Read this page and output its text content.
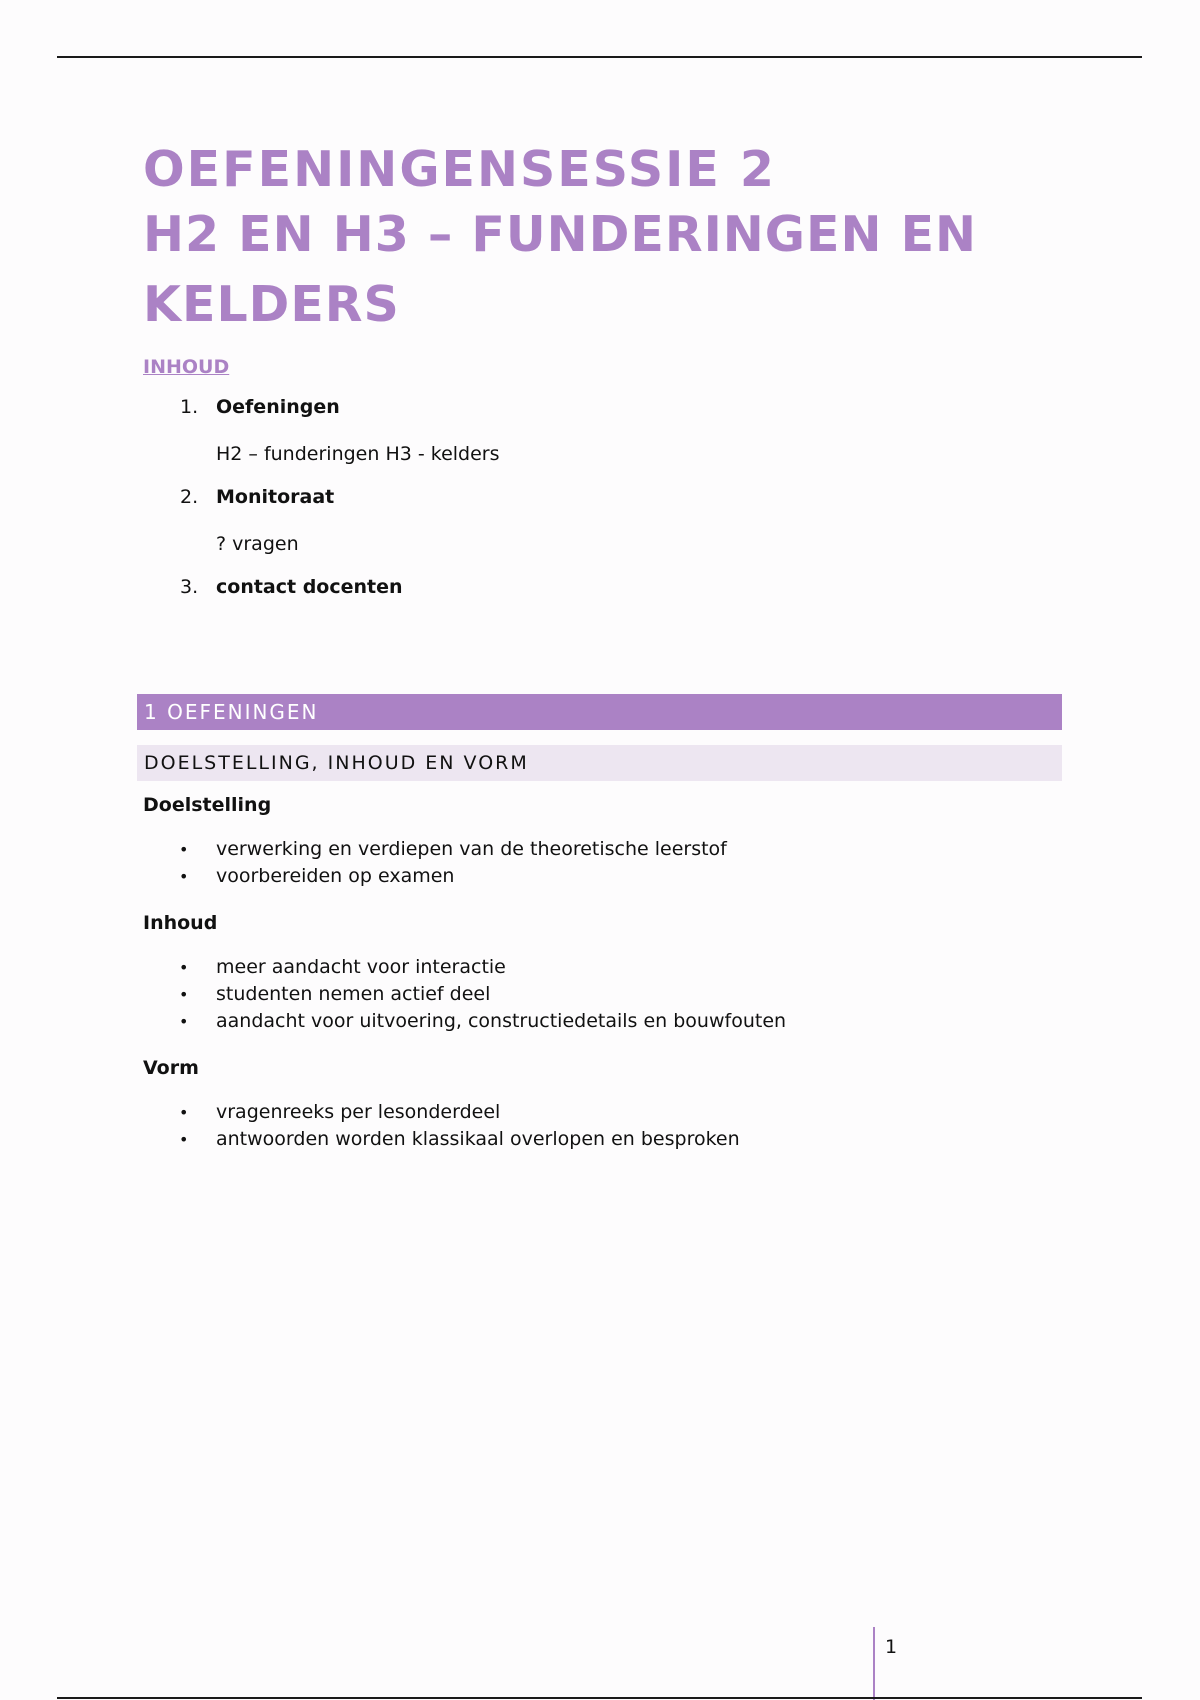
OEFENINGENSESSIE 2
H2 EN H3 – FUNDERINGEN EN KELDERS
INHOUD
1. Oefeningen
H2 – funderingen H3 - kelders
2. Monitoraat
? vragen
3. contact docenten
1 OEFENINGEN
DOELSTELLING, INHOUD EN VORM

Doelstelling

• verwerking en verdiepen van de theoretische leerstof
• voorbereiden op examen

Inhoud

• meer aandacht voor interactie
• studenten nemen actief deel
• aandacht voor uitvoering, constructiedetails en bouwfouten

Vorm

• vragenreeks per lesonderdeel
• antwoorden worden klassikaal overlopen en besproken
1
